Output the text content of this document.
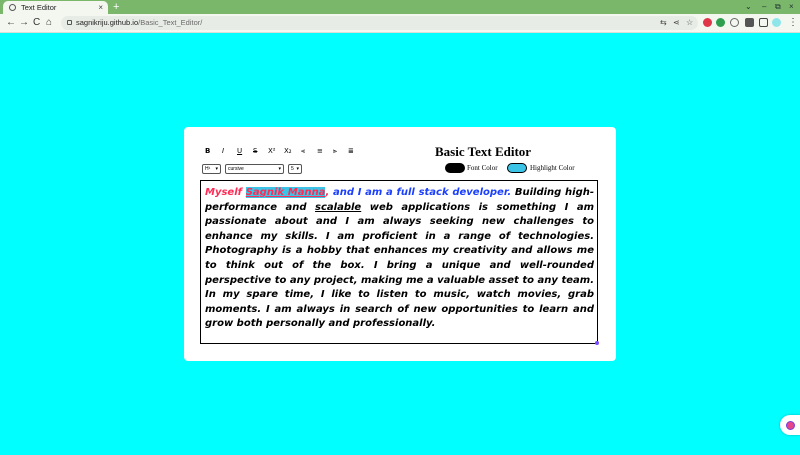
Text Editor	× +	⌄ – ⧉ ×
← → C ⌂	sagnikriju.github.io/Basic_Text_Editor/	⇆ ⋖ ☆	⋮
B I U S X² X₂ ⫷ ≡ ⫸ ≣	Basic Text Editor
H¹ ▾ cursive	▾ 5 ▾	Font Color	Highlight Color
Myself Sagnik Manna, and I am a full stack developer. Building high-performance and scalable web applications is something I am passionate about and I am always seeking new challenges to enhance my skills. I am proficient in a range of technologies. Photography is a hobby that enhances my creativity and allows me to think out of the box. I bring a unique and well-rounded perspective to any project, making me a valuable asset to any team. In my spare time, I like to listen to music, watch movies, grab moments. I am always in search of new opportunities to learn and grow both personally and professionally.
